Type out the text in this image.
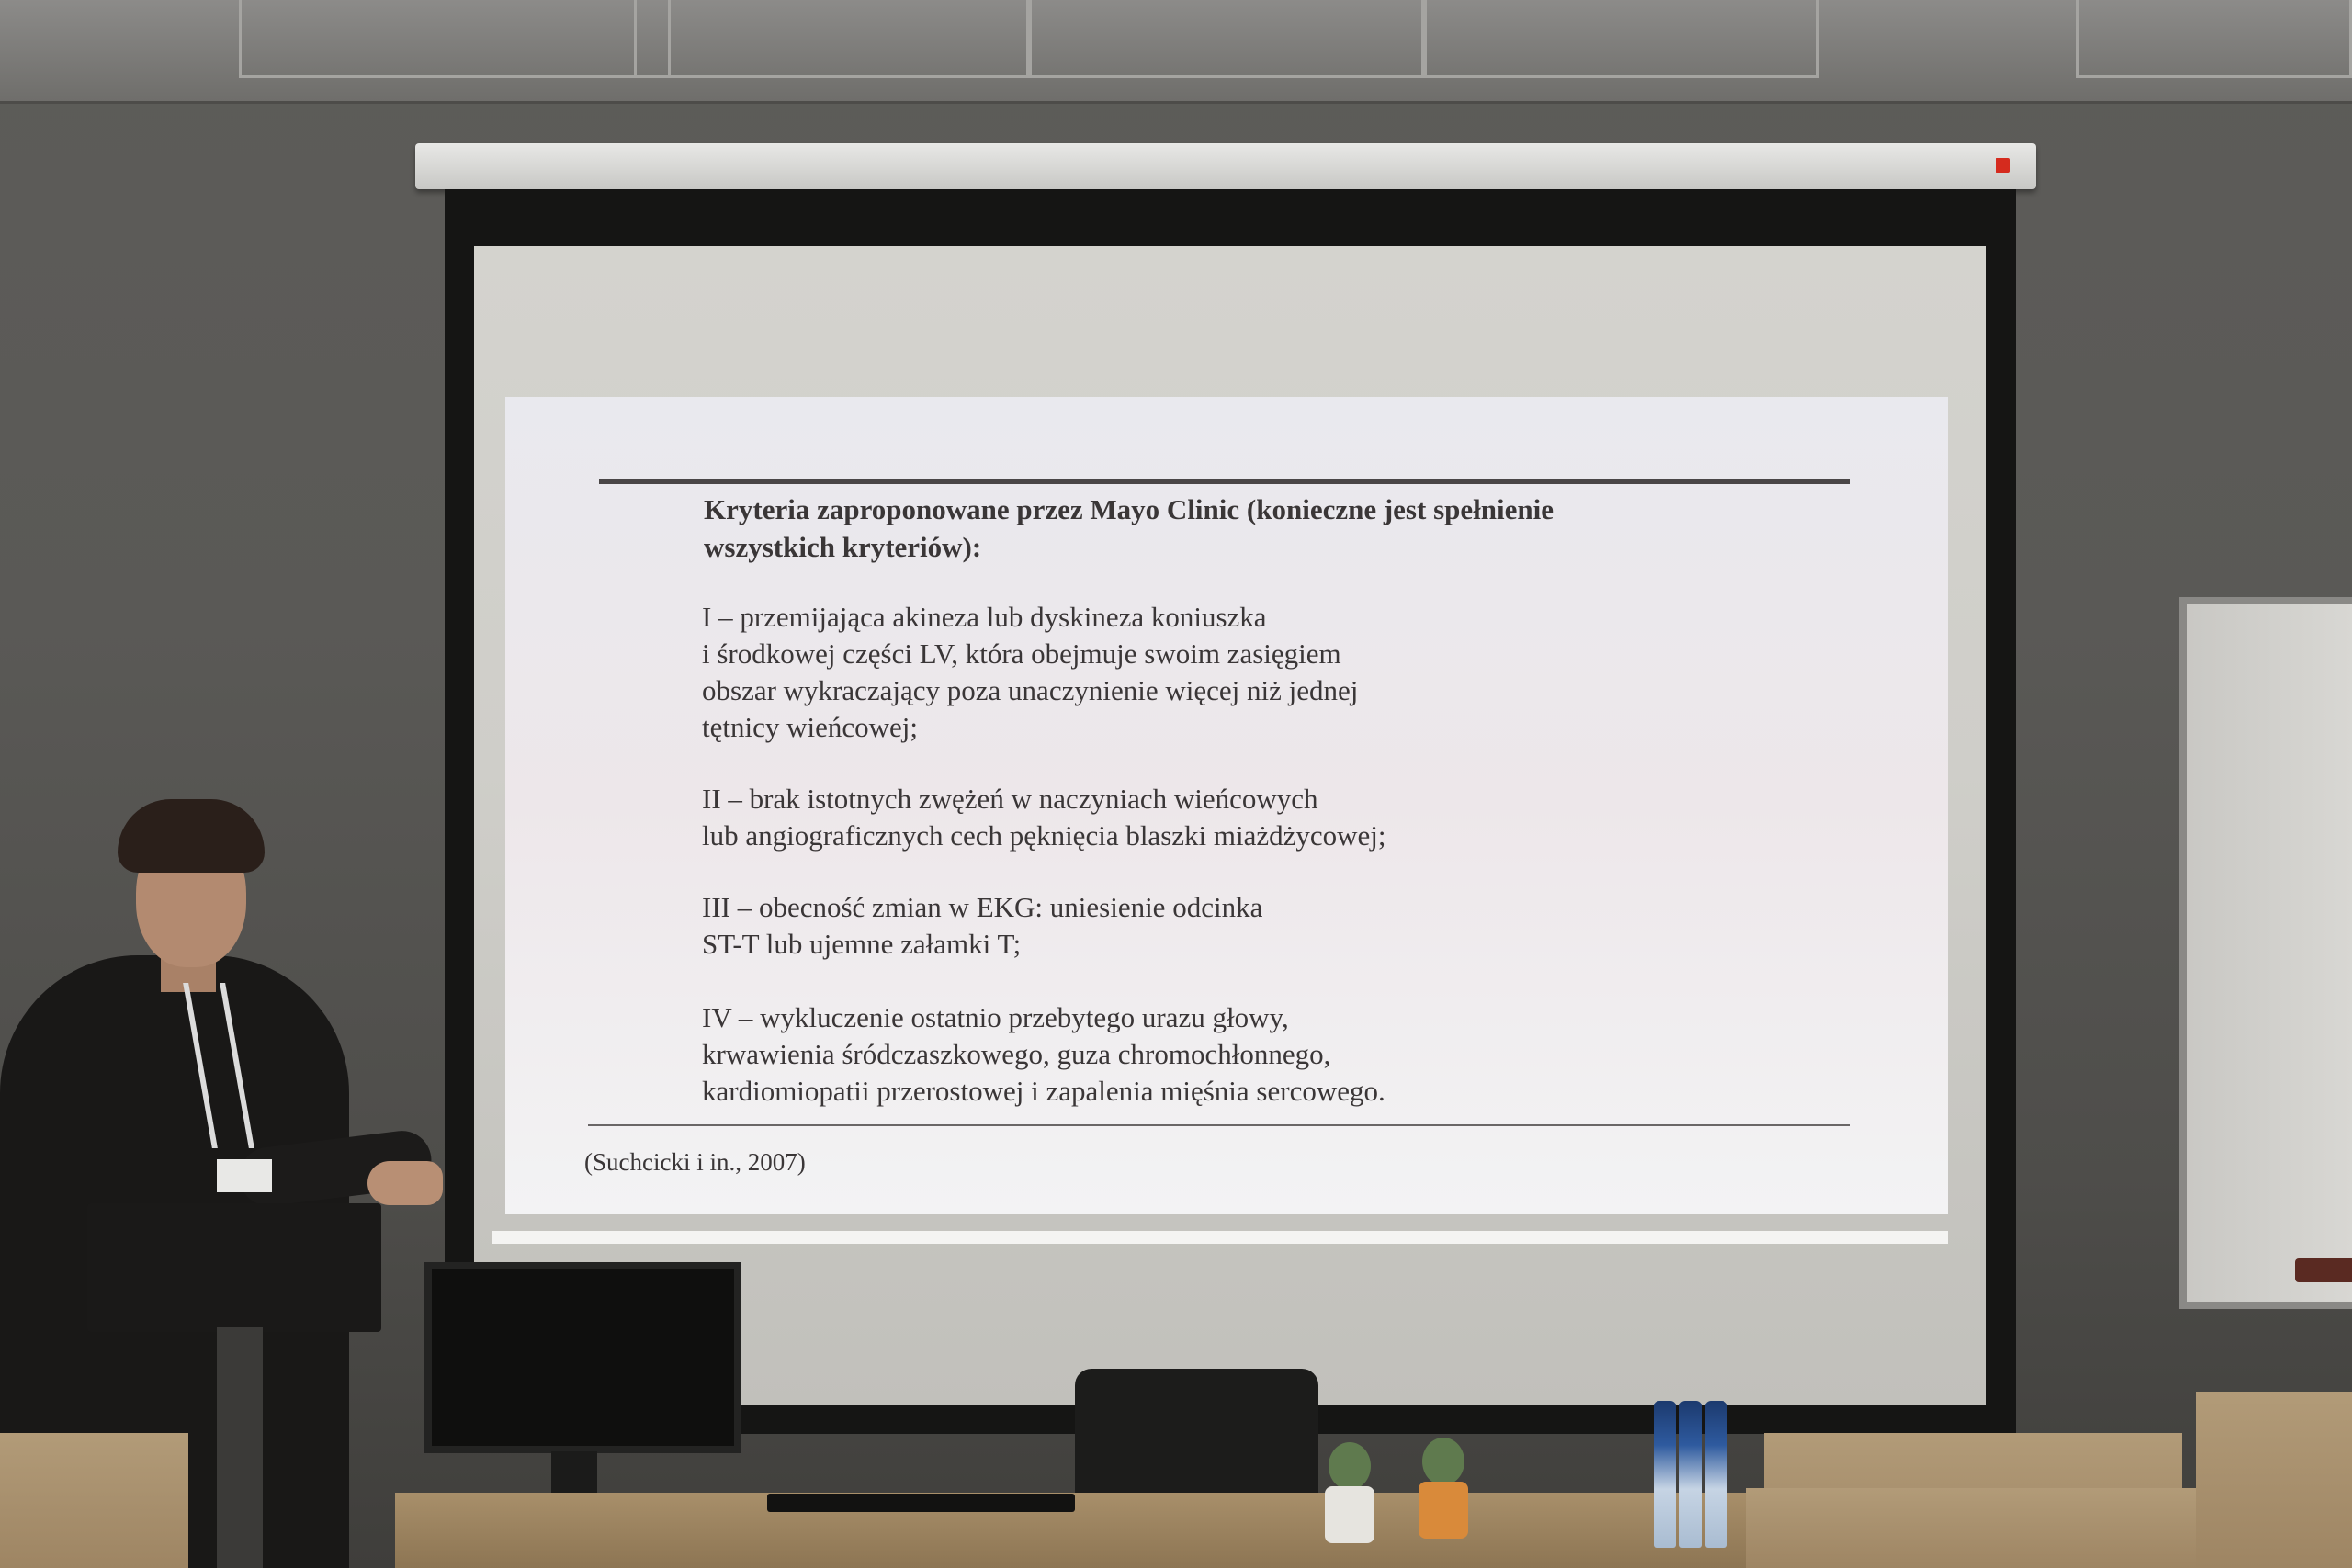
Kryteria zaproponowane przez Mayo Clinic (konieczne jest spełnienie
wszystkich kryteriów):

I – przemijająca akineza lub dyskineza koniuszka
i środkowej części LV, która obejmuje swoim zasięgiem
obszar wykraczający poza unaczynienie więcej niż jednej
tętnicy wieńcowej;

II – brak istotnych zwężeń w naczyniach wieńcowych
lub angiograficznych cech pęknięcia blaszki miażdżycowej;

III – obecność zmian w EKG: uniesienie odcinka
ST-T lub ujemne załamki T;

IV – wykluczenie ostatnio przebytego urazu głowy,
krwawienia śródczaszkowego, guza chromochłonnego,
kardiomiopatii przerostowej i zapalenia mięśnia sercowego.

(Suchcicki i in., 2007)
